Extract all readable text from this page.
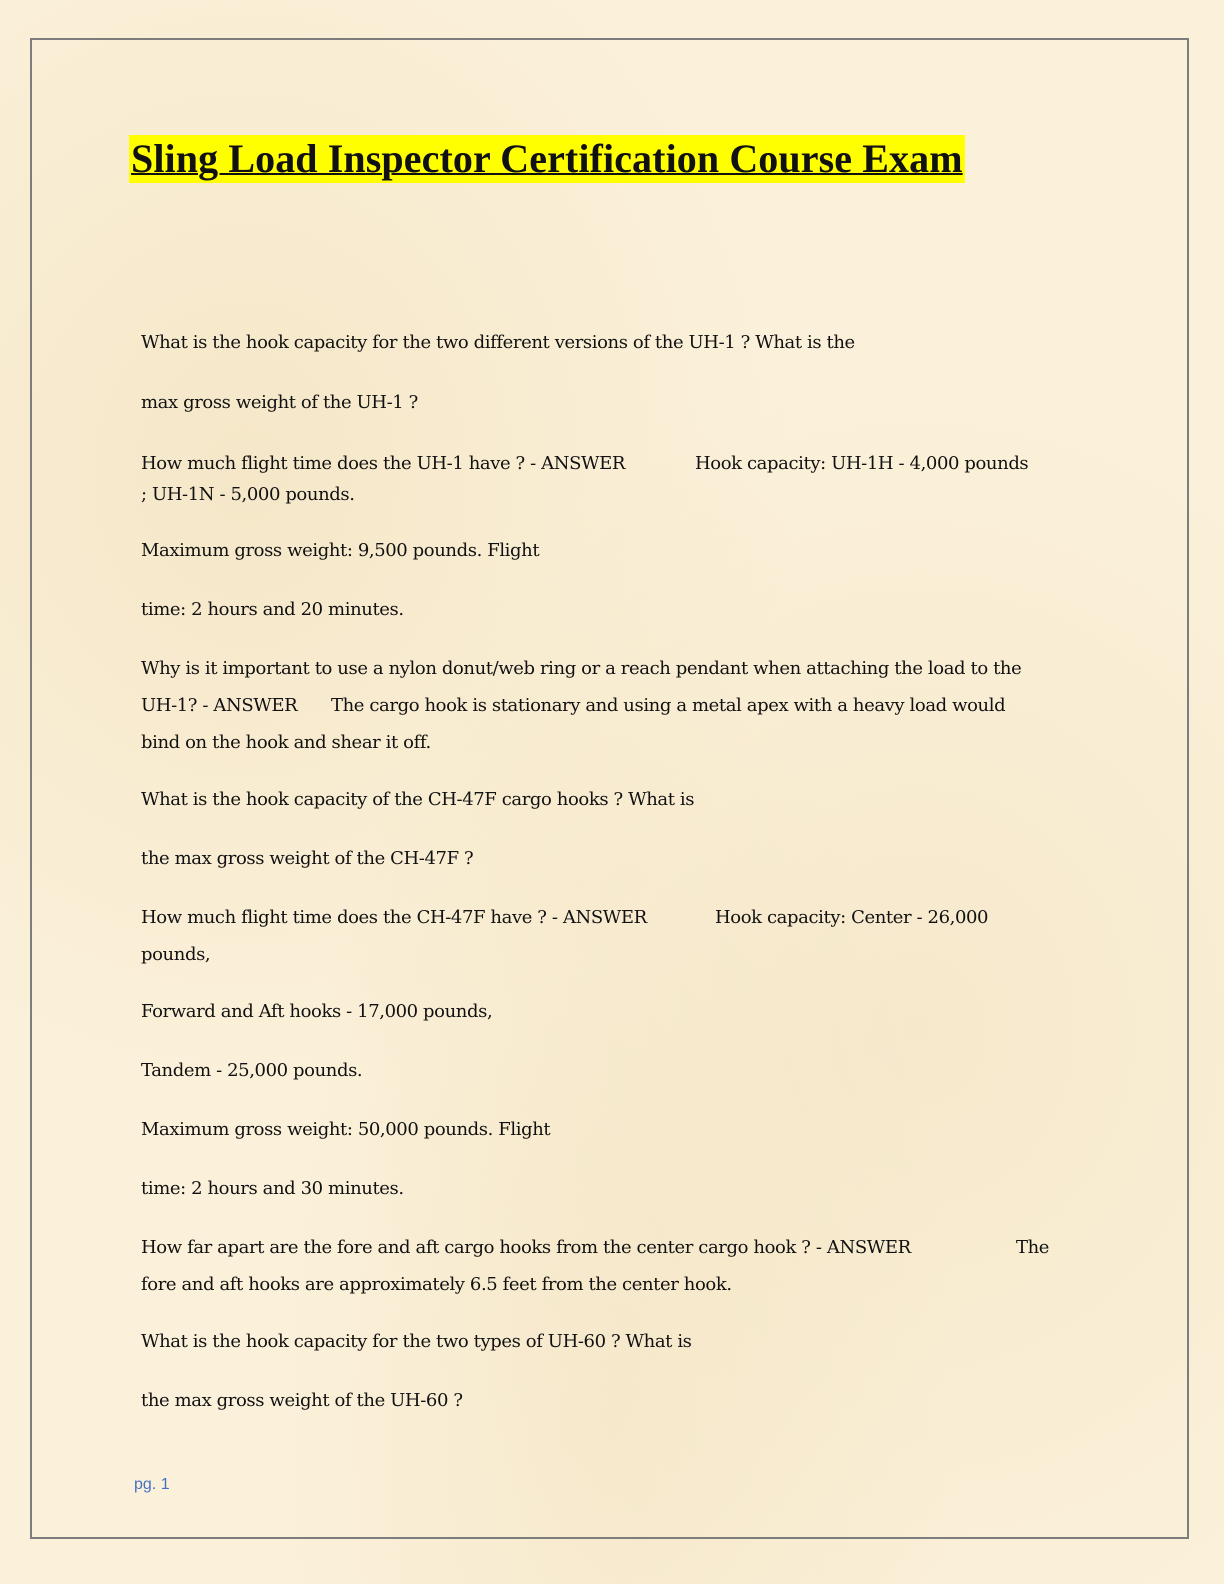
Sling Load Inspector Certification Course Exam

What is the hook capacity for the two different versions of the UH-1 ? What is the

max gross weight of the UH-1 ?

How much flight time does the UH-1 have ? - ANSWER	Hook capacity: UH-1H - 4,000 pounds

; UH-1N - 5,000 pounds.

Maximum gross weight: 9,500 pounds. Flight

time: 2 hours and 20 minutes.

Why is it important to use a nylon donut/web ring or a reach pendant when attaching the load to the

UH-1? - ANSWER The cargo hook is stationary and using a metal apex with a heavy load would

bind on the hook and shear it off.

What is the hook capacity of the CH-47F cargo hooks ? What is

the max gross weight of the CH-47F ?

How much flight time does the CH-47F have ? - ANSWER	Hook capacity: Center - 26,000

pounds,

Forward and Aft hooks - 17,000 pounds,

Tandem - 25,000 pounds.

Maximum gross weight: 50,000 pounds. Flight

time: 2 hours and 30 minutes.

How far apart are the fore and aft cargo hooks from the center cargo hook ? - ANSWER	The

fore and aft hooks are approximately 6.5 feet from the center hook.

What is the hook capacity for the two types of UH-60 ? What is

the max gross weight of the UH-60 ?

pg. 1
